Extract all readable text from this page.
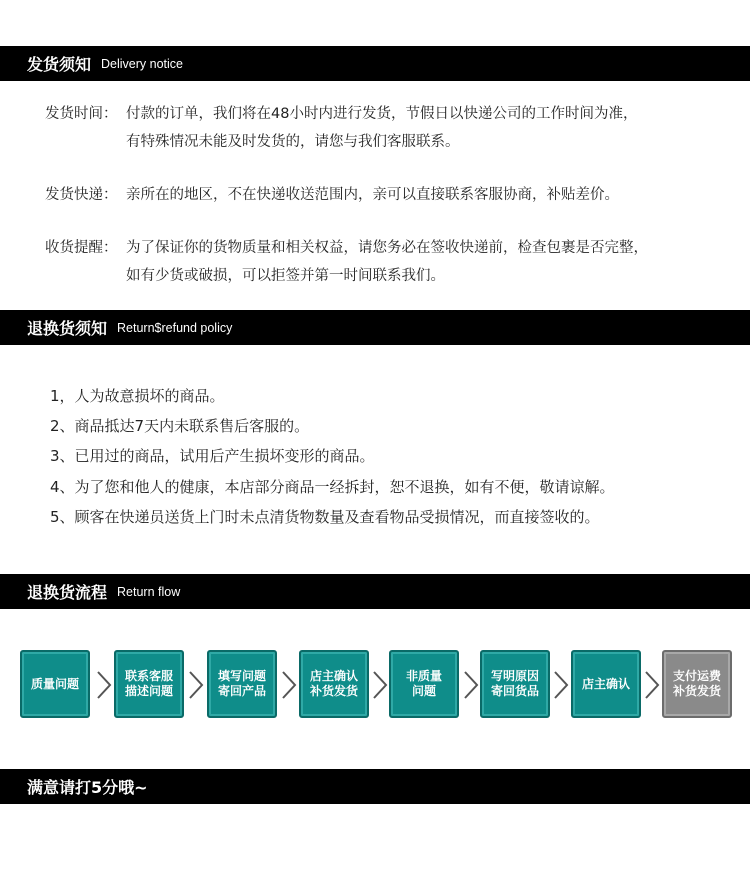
发货须知 Delivery notice
发货时间： 付款的订单，我们将在48小时内进行发货，节假日以快递公司的工作时间为准，
有特殊情况未能及时发货的，请您与我们客服联系。
发货快递： 亲所在的地区，不在快递收送范围内，亲可以直接联系客服协商，补贴差价。
收货提醒： 为了保证你的货物质量和相关权益，请您务必在签收快递前，检查包裹是否完整，
如有少货或破损，可以拒签并第一时间联系我们。
退换货须知 Return$refund policy
1，人为故意损坏的商品。
2、商品抵达7天内未联系售后客服的。
3、已用过的商品，试用后产生损坏变形的商品。
4、为了您和他人的健康，本店部分商品一经拆封，恕不退换，如有不便，敬请谅解。
5、顾客在快递员送货上门时未点清货物数量及查看物品受损情况，而直接签收的。
退换货流程 Return flow
质量问题
联系客服
描述问题
填写问题
寄回产品
店主确认
补货发货
非质量
问题
写明原因
寄回货品
店主确认
支付运费
补货发货
满意请打5分哦~
